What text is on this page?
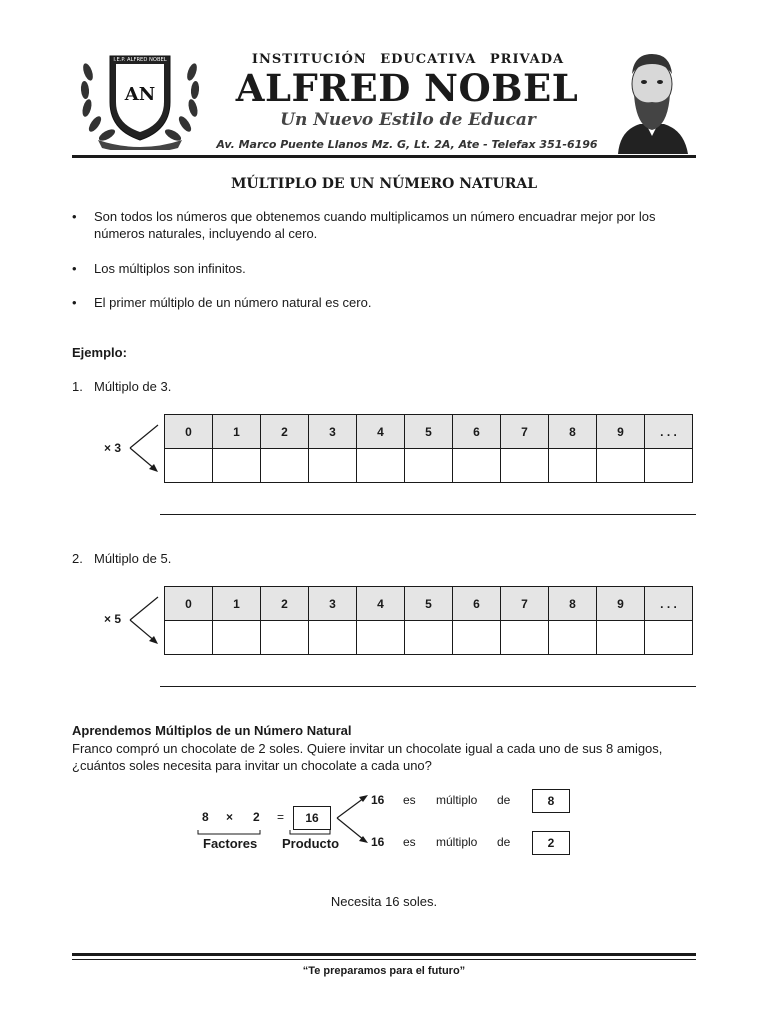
I.E.P. ALFRED NOBEL
AN
INSTITUCIÓN EDUCATIVA PRIVADA
ALFRED NOBEL
Un Nuevo Estilo de Educar
Av. Marco Puente Llanos Mz. G, Lt. 2A, Ate - Telefax 351-6196
MÚLTIPLO DE UN NÚMERO NATURAL
• Son todos los números que obtenemos cuando multiplicamos un número encuadrar mejor por los números naturales, incluyendo al cero.
• Los múltiplos son infinitos.
• El primer múltiplo de un número natural es cero.
Ejemplo:
1. Múltiplo de 3.
× 3
0	1	2	3	4	5	6	7	8	9	. . .

2. Múltiplo de 5.
× 5
0	1	2	3	4	5	6	7	8	9	. . .

Aprendemos Múltiplos de un Número Natural
Franco compró un chocolate de 2 soles. Quiere invitar un chocolate igual a cada uno de sus 8 amigos, ¿cuántos soles necesita para invitar un chocolate a cada uno?
8 × 2 =	16
Factores Producto
16 es múltiplo de	8
16 es múltiplo de	2
Necesita 16 soles.
“Te preparamos para el futuro”
